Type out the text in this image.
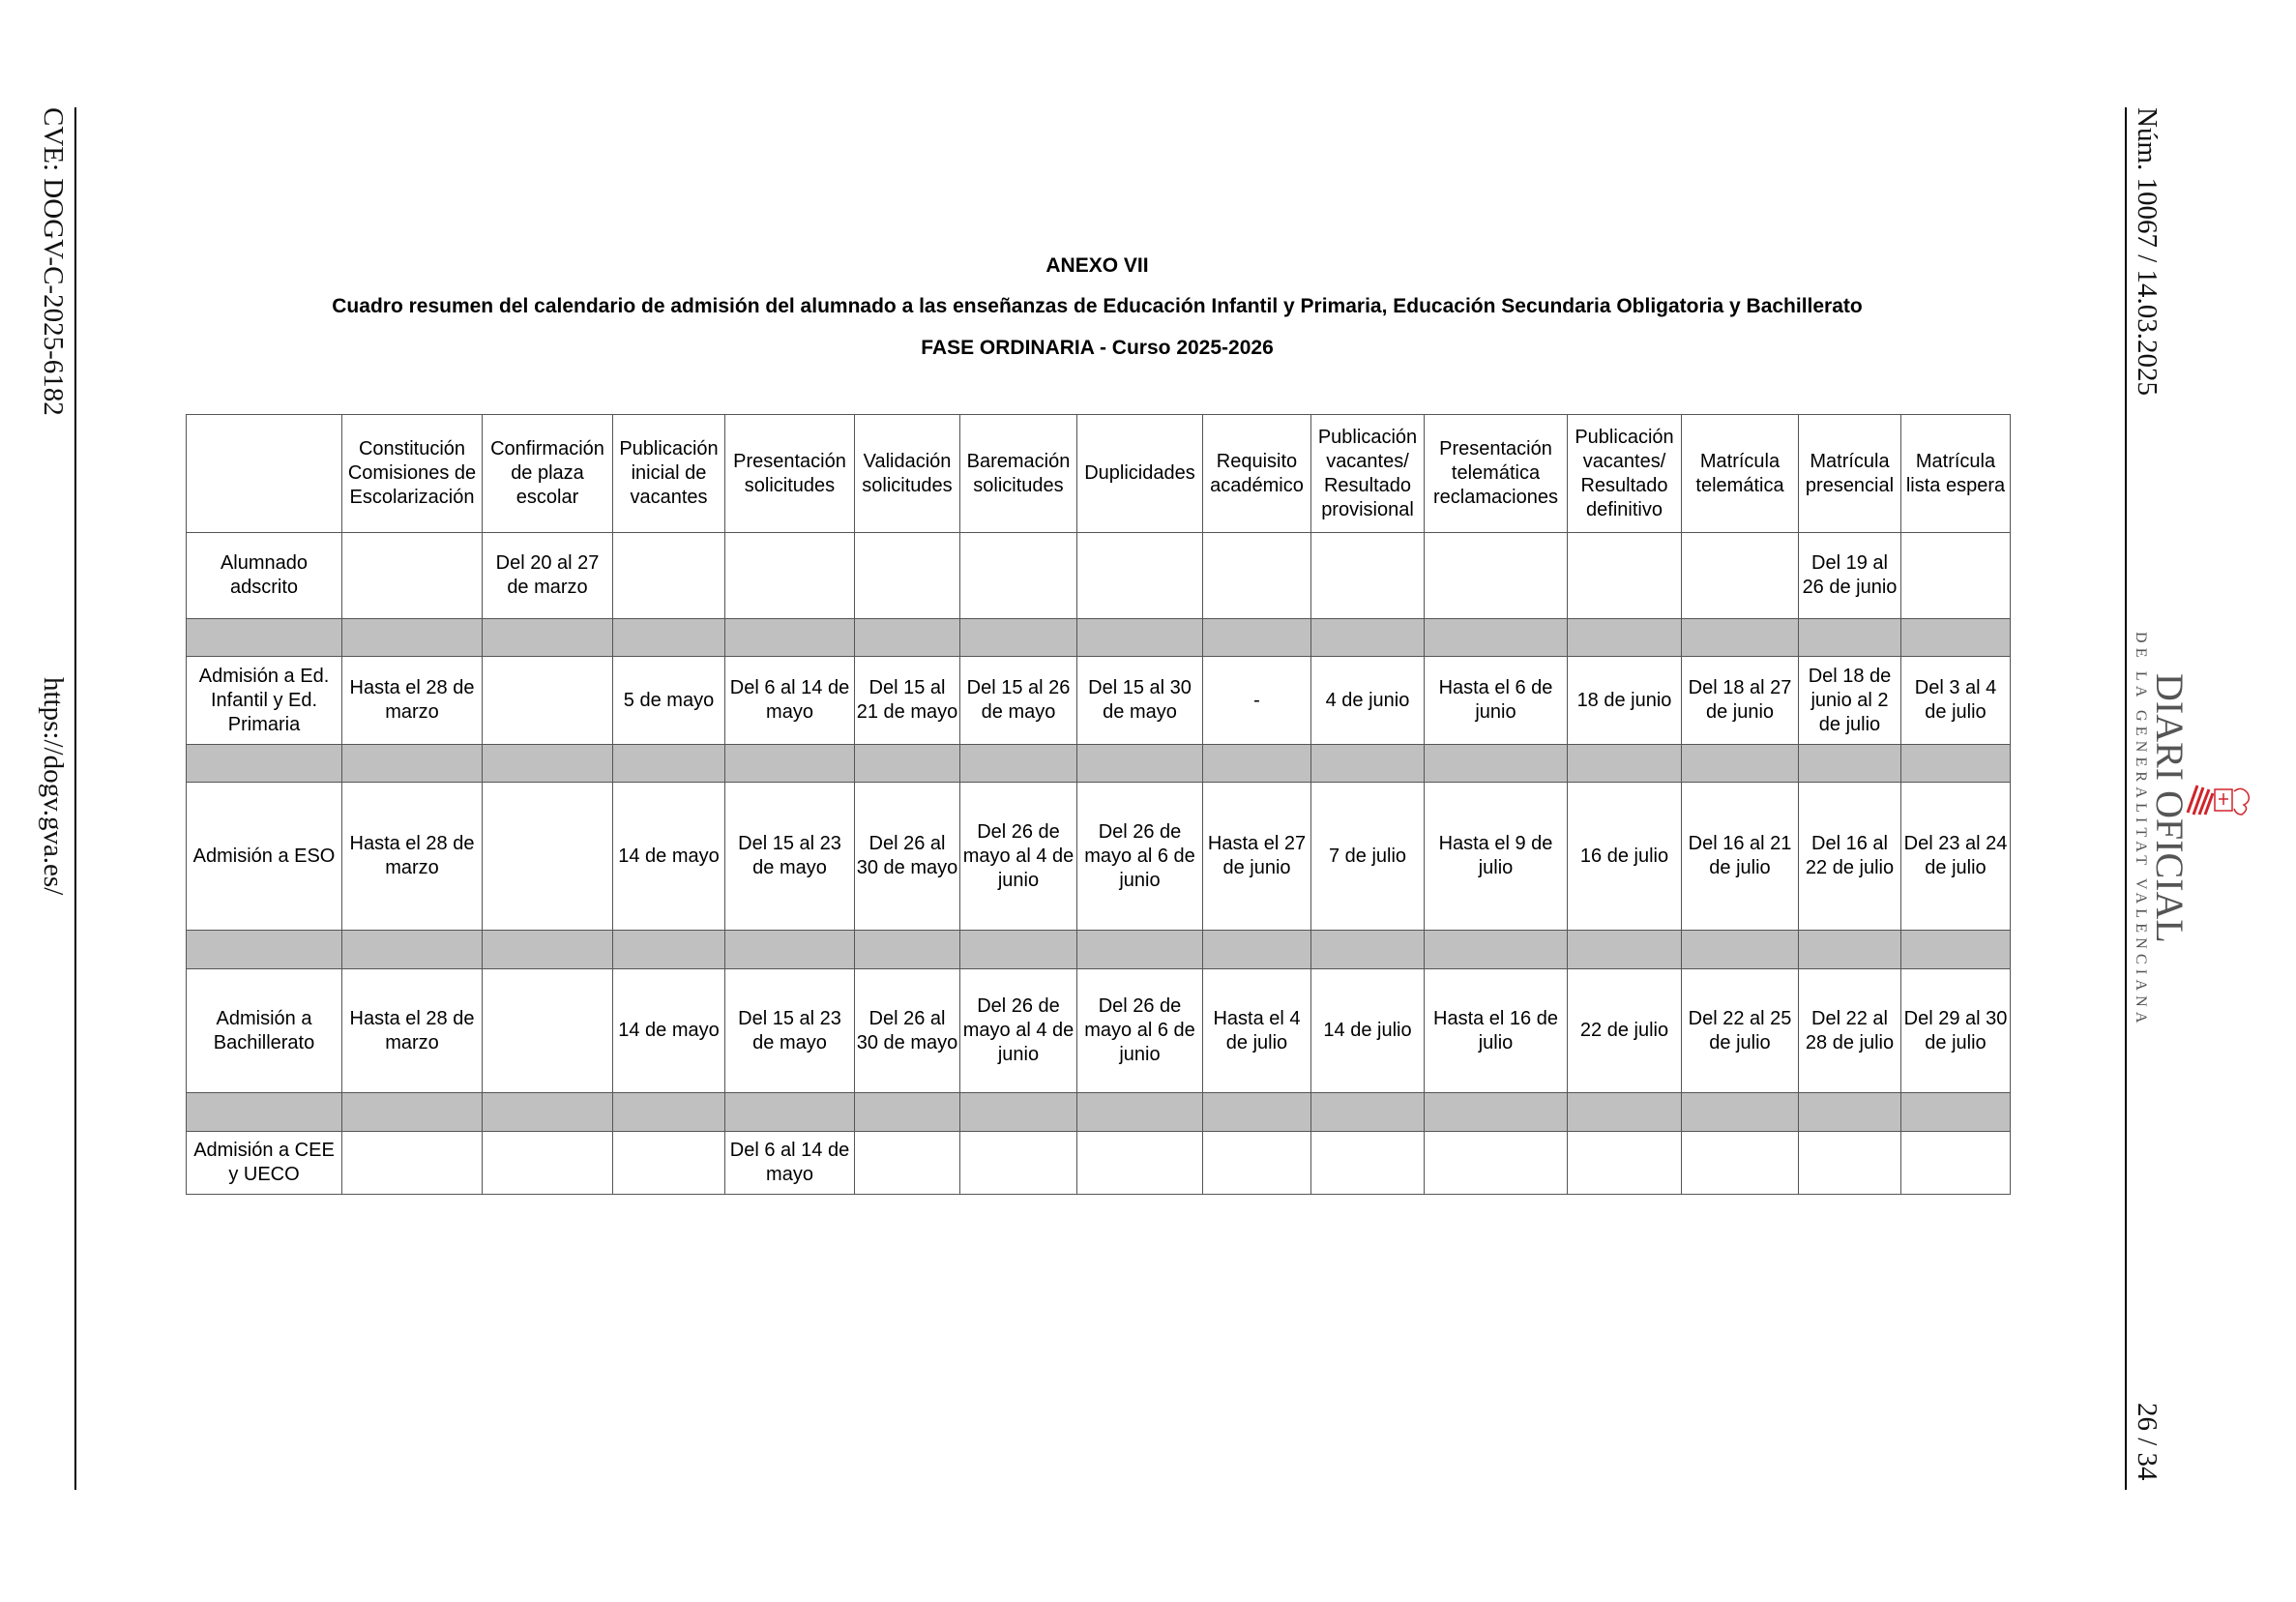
CVE: DOGV-C-2025-6182
https://dogv.gva.es/
Núm. 10067 / 14.03.2025
26 / 34
DE LA GENERALITAT VALENCIANA DIARI OFICIAL
ANEXO VII
Cuadro resumen del calendario de admisión del alumnado a las enseñanzas de Educación Infantil y Primaria, Educación Secundaria Obligatoria y Bachillerato
FASE ORDINARIA - Curso 2025-2026
	Constitución Comisiones de Escolarización	Confirmación de plaza escolar	Publicación inicial de vacantes	Presentación solicitudes	Validación solicitudes	Baremación solicitudes	Duplicidades	Requisito académico	Publicación vacantes/ Resultado provisional	Presentación telemática reclamaciones	Publicación vacantes/ Resultado definitivo	Matrícula telemática	Matrícula presencial	Matrícula lista espera
Alumnado adscrito		Del 20 al 27 de marzo											Del 19 al 26 de junio	

Admisión a Ed. Infantil y Ed. Primaria	Hasta el 28 de marzo		5 de mayo	Del 6 al 14 de mayo	Del 15 al 21 de mayo	Del 15 al 26 de mayo	Del 15 al 30 de mayo	-	4 de junio	Hasta el 6 de junio	18 de junio	Del 18 al 27 de junio	Del 18 de junio al 2 de julio	Del 3 al 4 de julio

Admisión a ESO	Hasta el 28 de marzo		14 de mayo	Del 15 al 23 de mayo	Del 26 al 30 de mayo	Del 26 de mayo al 4 de junio	Del 26 de mayo al 6 de junio	Hasta el 27 de junio	7 de julio	Hasta el 9 de julio	16 de julio	Del 16 al 21 de julio	Del 16 al 22 de julio	Del 23 al 24 de julio

Admisión a Bachillerato	Hasta el 28 de marzo		14 de mayo	Del 15 al 23 de mayo	Del 26 al 30 de mayo	Del 26 de mayo al 4 de junio	Del 26 de mayo al 6 de junio	Hasta el 4 de julio	14 de julio	Hasta el 16 de julio	22 de julio	Del 22 al 25 de julio	Del 22 al 28 de julio	Del 29 al 30 de julio

Admisión a CEE y UECO				Del 6 al 14 de mayo										
